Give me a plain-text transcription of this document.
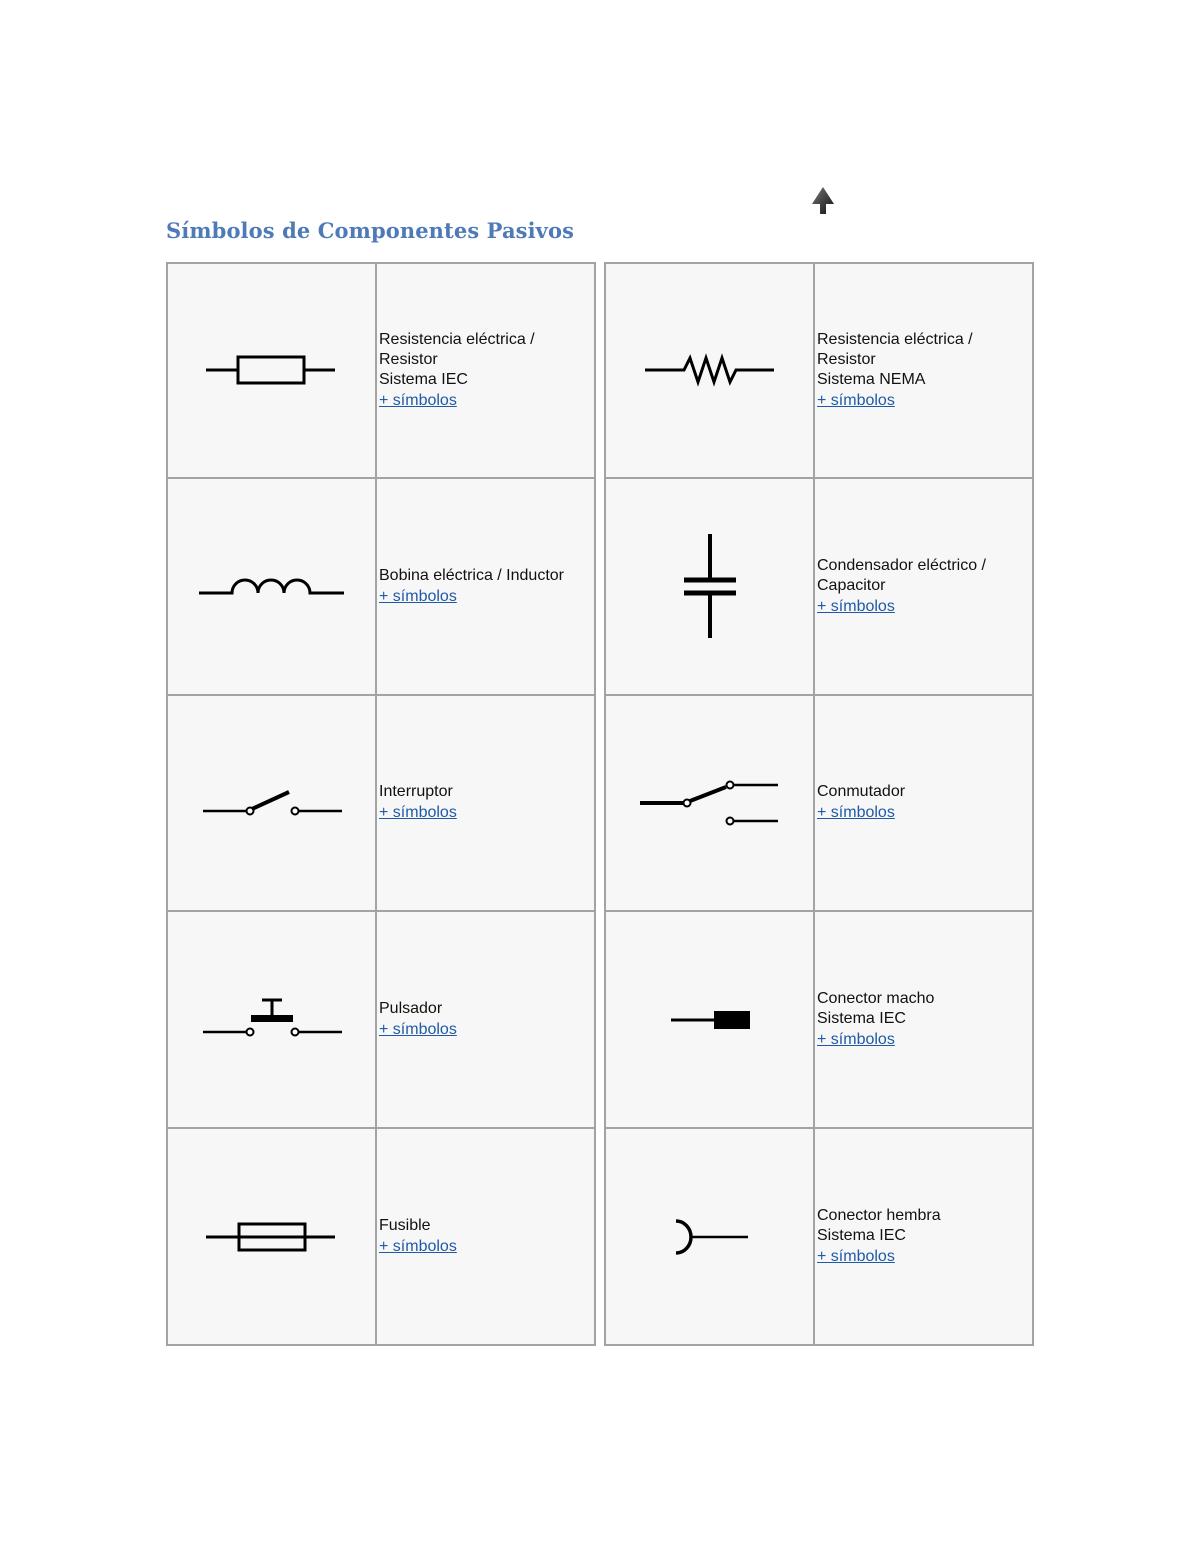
Símbolos de Componentes Pasivos
Resistencia eléctrica /
Resistor
Sistema IEC
+ símbolos
Resistencia eléctrica /
Resistor
Sistema NEMA
+ símbolos
Bobina eléctrica / Inductor
+ símbolos
Condensador eléctrico /
Capacitor
+ símbolos
Interruptor
+ símbolos
Conmutador
+ símbolos
Pulsador
+ símbolos
Conector macho
Sistema IEC
+ símbolos
Fusible
+ símbolos
Conector hembra
Sistema IEC
+ símbolos
